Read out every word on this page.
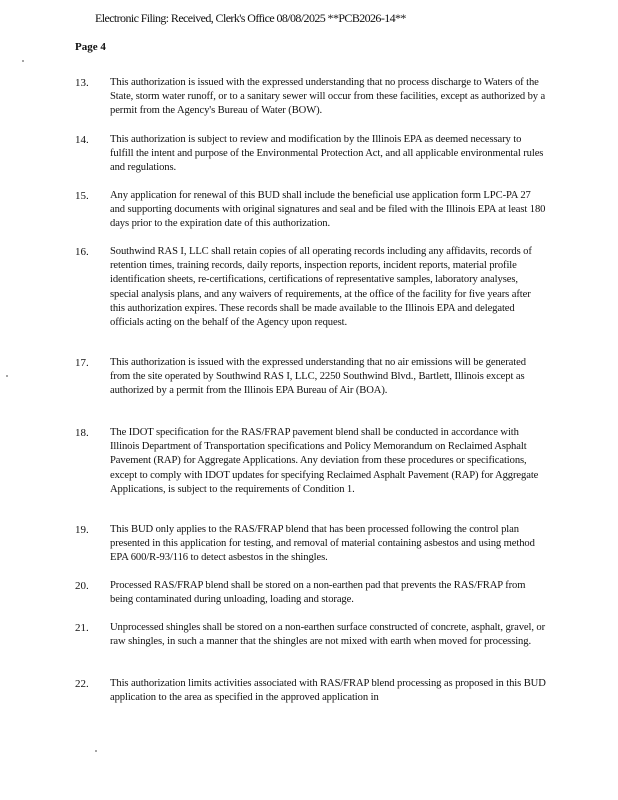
Electronic Filing: Received, Clerk's Office 08/08/2025 **PCB2026-14**
Page 4
13. This authorization is issued with the expressed understanding that no process discharge to Waters of the State, storm water runoff, or to a sanitary sewer will occur from these facilities, except as authorized by a permit from the Agency's Bureau of Water (BOW).
14. This authorization is subject to review and modification by the Illinois EPA as deemed necessary to fulfill the intent and purpose of the Environmental Protection Act, and all applicable environmental rules and regulations.
15. Any application for renewal of this BUD shall include the beneficial use application form LPC-PA 27 and supporting documents with original signatures and seal and be filed with the Illinois EPA at least 180 days prior to the expiration date of this authorization.
16. Southwind RAS I, LLC shall retain copies of all operating records including any affidavits, records of retention times, training records, daily reports, inspection reports, incident reports, material profile identification sheets, re-certifications, certifications of representative samples, laboratory analyses, special analysis plans, and any waivers of requirements, at the office of the facility for five years after this authorization expires. These records shall be made available to the Illinois EPA and delegated officials acting on the behalf of the Agency upon request.
17. This authorization is issued with the expressed understanding that no air emissions will be generated from the site operated by Southwind RAS I, LLC, 2250 Southwind Blvd., Bartlett, Illinois except as authorized by a permit from the Illinois EPA Bureau of Air (BOA).
18. The IDOT specification for the RAS/FRAP pavement blend shall be conducted in accordance with Illinois Department of Transportation specifications and Policy Memorandum on Reclaimed Asphalt Pavement (RAP) for Aggregate Applications. Any deviation from these procedures or specifications, except to comply with IDOT updates for specifying Reclaimed Asphalt Pavement (RAP) for Aggregate Applications, is subject to the requirements of Condition 1.
19. This BUD only applies to the RAS/FRAP blend that has been processed following the control plan presented in this application for testing, and removal of material containing asbestos and using method EPA 600/R-93/116 to detect asbestos in the shingles.
20. Processed RAS/FRAP blend shall be stored on a non-earthen pad that prevents the RAS/FRAP from being contaminated during unloading, loading and storage.
21. Unprocessed shingles shall be stored on a non-earthen surface constructed of concrete, asphalt, gravel, or raw shingles, in such a manner that the shingles are not mixed with earth when moved for processing.
22. This authorization limits activities associated with RAS/FRAP blend processing as proposed in this BUD application to the area as specified in the approved application in
